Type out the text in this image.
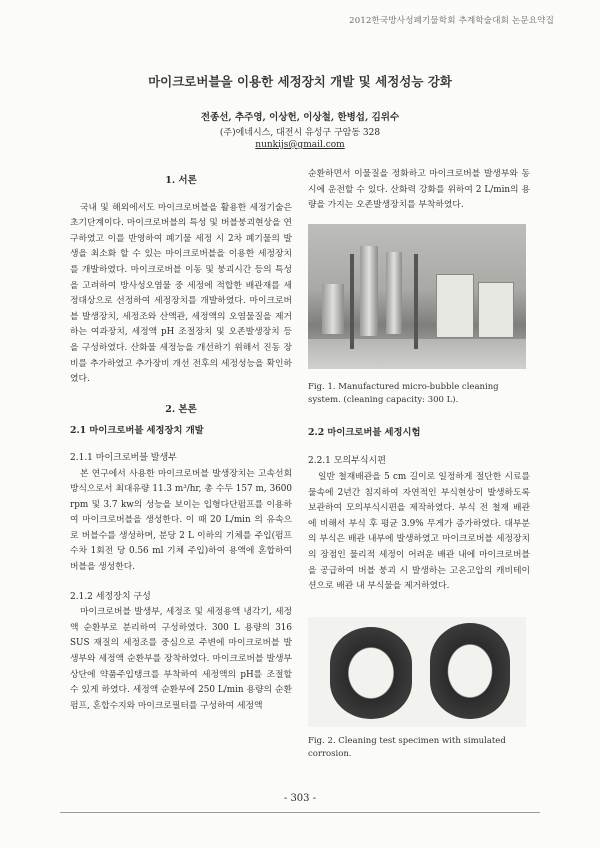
2012한국방사성폐기물학회 추계학술대회 논문요약집
마이크로버블을 이용한 세정장치 개발 및 세정성능 강화
전종선, 추주영, 이상헌, 이상철, 한병섭, 김위수
(주)에네시스, 대전시 유성구 구암동 328
nunkijs@gmail.com
1. 서론

국내 및 해외에서도 마이크로버블을 활용한 세정기술은 초기단계이다. 마이크로버블의 특성 및 버블붕괴현상을 연구하였고 이를 반영하여 폐기물 세정 시 2차 폐기물의 발생을 최소화 할 수 있는 마이크로버블을 이용한 세정장치를 개발하였다. 마이크로버블 이동 및 붕괴시간 등의 특성을 고려하여 방사성오염물 중 세정에 적합한 배관재를 세정대상으로 선정하여 세정장치를 개발하였다. 마이크로버블 발생장치, 세정조와 산액관, 세정액의 오염물질을 제거하는 여과장치, 세정액 pH 조절장치 및 오존발생장치 등을 구성하였다. 산화물 세정능을 개선하기 위해서 진동 장비를 추가하였고 추가장비 개선 전후의 세정성능을 확인하였다.

2. 본론
2.1 마이크로버블 세정장치 개발
2.1.1 마이크로버블 발생부

본 연구에서 사용한 마이크로버블 발생장치는 고속선회방식으로서 최대유량 11.3 m³/hr, 총 수두 157 m, 3600 rpm 및 3.7 kw의 성능을 보이는 입형다단펌프를 이용하여 마이크로버블을 생성한다. 이 때 20 L/min 의 유속으로 버블수를 생성하며, 분당 2 L 이하의 기체를 주입(펌프 수차 1회전 당 0.56 ml 기체 주입)하여 용액에 혼합하여 버블을 생성한다.

2.1.2 세정장치 구성

마이크로버블 발생부, 세정조 및 세정용액 냉각기, 세정액 순환부로 분리하여 구성하였다. 300 L 용량의 316 SUS 재질의 세정조를 중심으로 주변에 마이크로버블 발생부와 세정액 순환부를 장착하였다. 마이크로버블 발생부 상단에 약품주입탱크를 부착하여 세정액의 pH를 조절할 수 있게 하였다. 세정액 순환부에 250 L/min 용량의 순환펌프, 혼합수지와 마이크로필터를 구성하여 세정액

순환하면서 이물질을 정화하고 마이크로버블 발생부와 동시에 운전할 수 있다. 산화력 강화를 위하여 2 L/min의 용량을 가지는 오존발생장치를 부착하였다.

Fig. 1. Manufactured micro-bubble cleaning system. (cleaning capacity: 300 L).
2.2 마이크로버블 세정시험
2.2.1 모의부식시편

일반 철재배관을 5 cm 길이로 일정하게 절단한 시료를 물속에 2년간 침지하여 자연적인 부식현상이 발생하도록 보관하여 모의부식시편을 제작하였다. 부식 전 철재 배관에 비해서 부식 후 평균 3.9% 무게가 증가하였다. 대부분의 부식은 배관 내부에 발생하였고 마이크로버블 세정장치의 장점인 물리적 세정이 어려운 배관 내에 마이크로버블을 공급하여 버블 붕괴 시 발생하는 고온고압의 캐비테이션으로 배관 내 부식물을 제거하였다.

Fig. 2. Cleaning test specimen with simulated corrosion.
- 303 -
